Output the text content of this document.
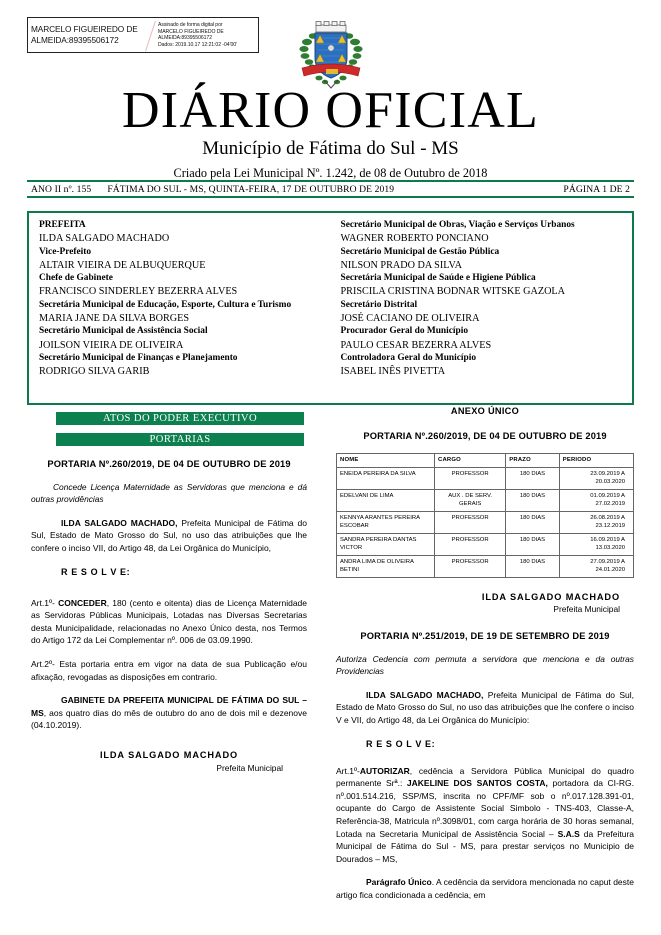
MARCELO FIGUEIREDO DE
ALMEIDA:89395506172
Assinado de forma digital por
MARCELO FIGUEIREDO DE
ALMEIDA:89395506172
Dados: 2019.10.17 12:21:02 -04'00'
DIÁRIO OFICIAL
Município de Fátima do Sul - MS
Criado pela Lei Municipal Nº. 1.242, de 08 de Outubro de 2018
ANO II nº. 155	FÁTIMA DO SUL - MS, QUINTA-FEIRA, 17 DE OUTUBRO DE 2019	PÁGINA 1 DE 2
PREFEITA
ILDA SALGADO MACHADO
Vice-Prefeito
ALTAIR VIEIRA DE ALBUQUERQUE
Chefe de Gabinete
FRANCISCO SINDERLEY BEZERRA ALVES
Secretária Municipal de Educação, Esporte, Cultura e Turismo
MARIA JANE DA SILVA BORGES
Secretário Municipal de Assistência Social
JOILSON VIEIRA DE OLIVEIRA
Secretário Municipal de Finanças e Planejamento
RODRIGO SILVA GARIB
Secretário Municipal de Obras, Viação e Serviços Urbanos
WAGNER ROBERTO PONCIANO
Secretário Municipal de Gestão Pública
NILSON PRADO DA SILVA
Secretária Municipal de Saúde e Higiene Pública
PRISCILA CRISTINA BODNAR WITSKE GAZOLA
Secretário Distrital
JOSÉ CACIANO DE OLIVEIRA
Procurador Geral do Município
PAULO CESAR BEZERRA ALVES
Controladora Geral do Município
ISABEL INÊS PIVETTA
ATOS DO PODER EXECUTIVO
PORTARIAS
PORTARIA Nº.260/2019, DE 04 DE OUTUBRO DE 2019

Concede Licença Maternidade as Servidoras que menciona e dá outras providências

ILDA SALGADO MACHADO, Prefeita Municipal de Fátima do Sul, Estado de Mato Grosso do Sul, no uso das atribuições que lhe confere o inciso VII, do Artigo 48, da Lei Orgânica do Município,

R E S O L V E:

Art.1º- CONCEDER, 180 (cento e oitenta) dias de Licença Maternidade as Servidoras Públicas Municipais, Lotadas nas Diversas Secretarias desta Municipalidade, relacionadas no Anexo Único desta, nos Termos do Artigo 172 da Lei Complementar nº. 006 de 03.09.1990.

Art.2º- Esta portaria entra em vigor na data de sua Publicação e/ou afixação, revogadas as disposições em contrario.

GABINETE DA PREFEITA MUNICIPAL DE FÁTIMA DO SUL – MS, aos quatro dias do mês de outubro do ano de dois mil e dezenove (04.10.2019).

ILDA SALGADO MACHADO
Prefeita Municipal
ANEXO ÚNICO
PORTARIA Nº.260/2019, DE 04 DE OUTUBRO DE 2019
NOME	CARGO	PRAZO	PERIODO
ENEIDA PEREIRA DA SILVA	PROFESSOR	180 DIAS	23.09.2019 A 20.03.2020
EDELVANI DE LIMA	AUX . DE SERV. GERAIS	180 DIAS	01.09.2019 A 27.02.2019
KENNYA ARANTES PEREIRA ESCOBAR	PROFESSOR	180 DIAS	26.08.2019 A 23.12.2019
SANDRA PEREIRA DANTAS VICTOR	PROFESSOR	180 DIAS	16.09.2019 A 13.03.2020
ANDRA LIMA DE OLIVEIRA BETINI	PROFESSOR	180 DIAS	27.09.2019 A 24.01.2020
ILDA SALGADO MACHADO
Prefeita Municipal
PORTARIA Nº.251/2019, DE 19 DE SETEMBRO DE 2019

Autoriza Cedencia com permuta a servidora que menciona e da outras Providencias

ILDA SALGADO MACHADO, Prefeita Municipal de Fátima do Sul, Estado de Mato Grosso do Sul, no uso das atribuições que lhe confere o inciso V e VII, do Artigo 48, da Lei Orgânica do Município:

R E S O L V E:

Art.1º-AUTORIZAR, cedência a Servidora Pública Municipal do quadro permanente Srª.: JAKELINE DOS SANTOS COSTA, portadora da CI-RG. nº.001.514.216, SSP/MS, inscrita no CPF/MF sob o nº.017.128.391-01, ocupante do Cargo de Assistente Social Simbolo - TNS-403, Classe-A, Referência-38, Matricula nº.3098/01, com carga horária de 30 horas semanal, Lotada na Secretaria Municipal de Assistência Social – S.A.S da Prefeitura Municipal de Fátima do Sul - MS, para prestar serviços no Municipio de Dourados – MS,

Parágrafo Único. A cedência da servidora mencionada no caput deste artigo fica condicionada a cedência, em
